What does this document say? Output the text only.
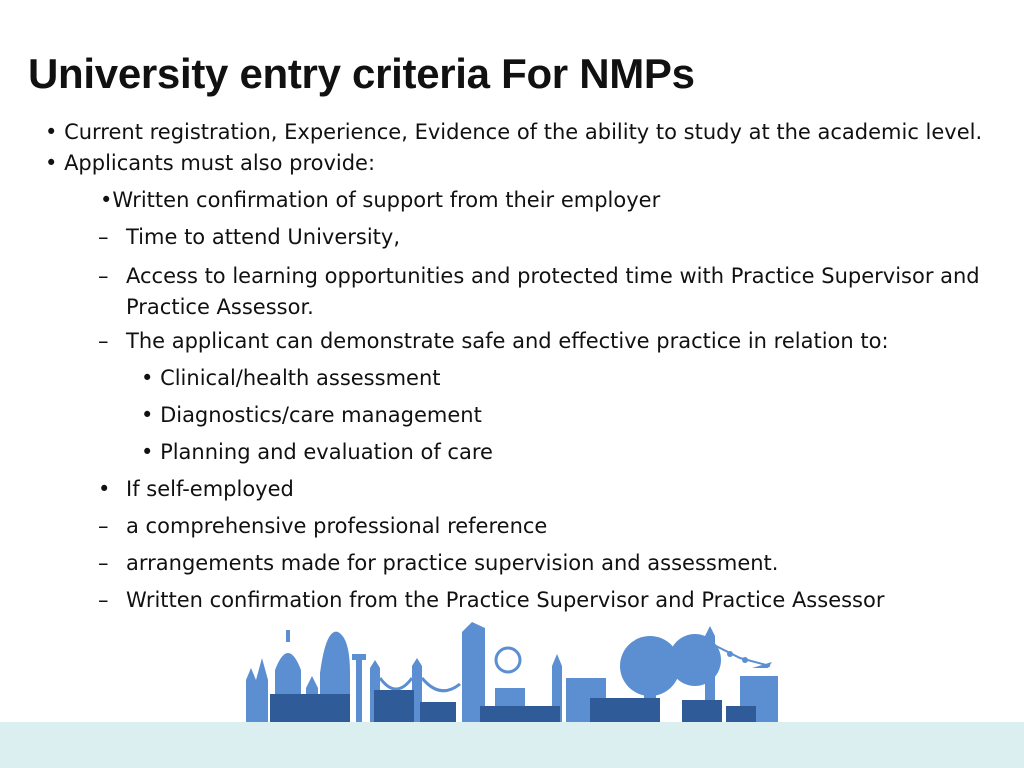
University entry criteria For NMPs
• Current registration, Experience, Evidence of the ability to study at the academic level.
• Applicants must also provide:
•Written confirmation of support from their employer
– Time to attend University,
– Access to learning opportunities and protected time with Practice Supervisor and Practice Assessor.
– The applicant can demonstrate safe and effective practice in relation to:
• Clinical/health assessment
• Diagnostics/care management
• Planning and evaluation of care
• If self-employed
– a comprehensive professional reference
– arrangements made for practice supervision and assessment.
– Written confirmation from the Practice Supervisor and Practice Assessor
